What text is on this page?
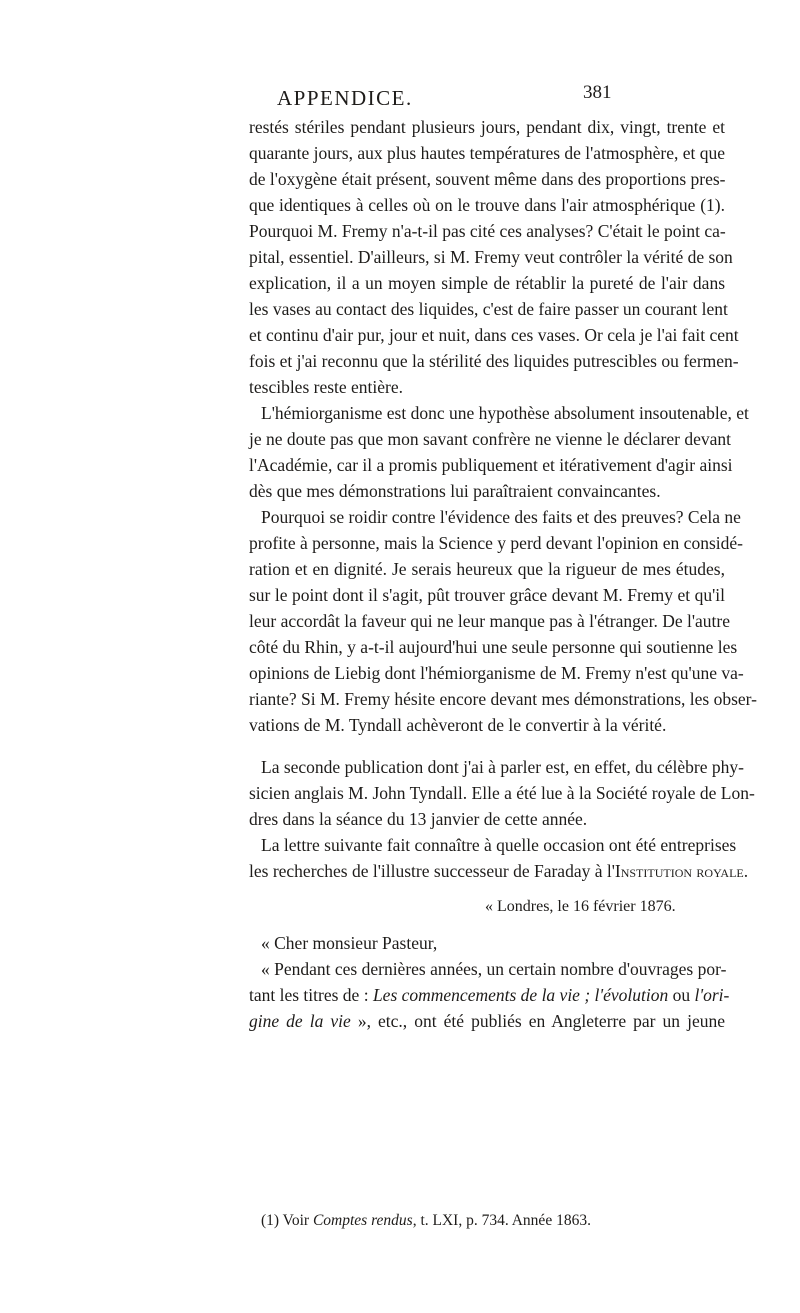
APPENDICE.	381
restés stériles pendant plusieurs jours, pendant dix, vingt, trente et
quarante jours, aux plus hautes températures de l'atmosphère, et que
de l'oxygène était présent, souvent même dans des proportions pres-
que identiques à celles où on le trouve dans l'air atmosphérique (1).
Pourquoi M. Fremy n'a-t-il pas cité ces analyses? C'était le point ca-
pital, essentiel. D'ailleurs, si M. Fremy veut contrôler la vérité de son
explication, il a un moyen simple de rétablir la pureté de l'air dans
les vases au contact des liquides, c'est de faire passer un courant lent
et continu d'air pur, jour et nuit, dans ces vases. Or cela je l'ai fait cent
fois et j'ai reconnu que la stérilité des liquides putrescibles ou fermen-
tescibles reste entière.
L'hémiorganisme est donc une hypothèse absolument insoutenable, et
je ne doute pas que mon savant confrère ne vienne le déclarer devant
l'Académie, car il a promis publiquement et itérativement d'agir ainsi
dès que mes démonstrations lui paraîtraient convaincantes.
Pourquoi se roidir contre l'évidence des faits et des preuves? Cela ne
profite à personne, mais la Science y perd devant l'opinion en considé-
ration et en dignité. Je serais heureux que la rigueur de mes études,
sur le point dont il s'agit, pût trouver grâce devant M. Fremy et qu'il
leur accordât la faveur qui ne leur manque pas à l'étranger. De l'autre
côté du Rhin, y a-t-il aujourd'hui une seule personne qui soutienne les
opinions de Liebig dont l'hémiorganisme de M. Fremy n'est qu'une va-
riante? Si M. Fremy hésite encore devant mes démonstrations, les obser-
vations de M. Tyndall achèveront de le convertir à la vérité.
La seconde publication dont j'ai à parler est, en effet, du célèbre phy-
sicien anglais M. John Tyndall. Elle a été lue à la Société royale de Lon-
dres dans la séance du 13 janvier de cette année.
La lettre suivante fait connaître à quelle occasion ont été entreprises
les recherches de l'illustre successeur de Faraday à l'Institution royale.
« Londres, le 16 février 1876.
« Cher monsieur Pasteur,
« Pendant ces dernières années, un certain nombre d'ouvrages por-
tant les titres de : Les commencements de la vie ; l'évolution ou l'ori-
gine de la vie », etc., ont été publiés en Angleterre par un jeune
(1) Voir Comptes rendus, t. LXI, p. 734. Année 1863.
